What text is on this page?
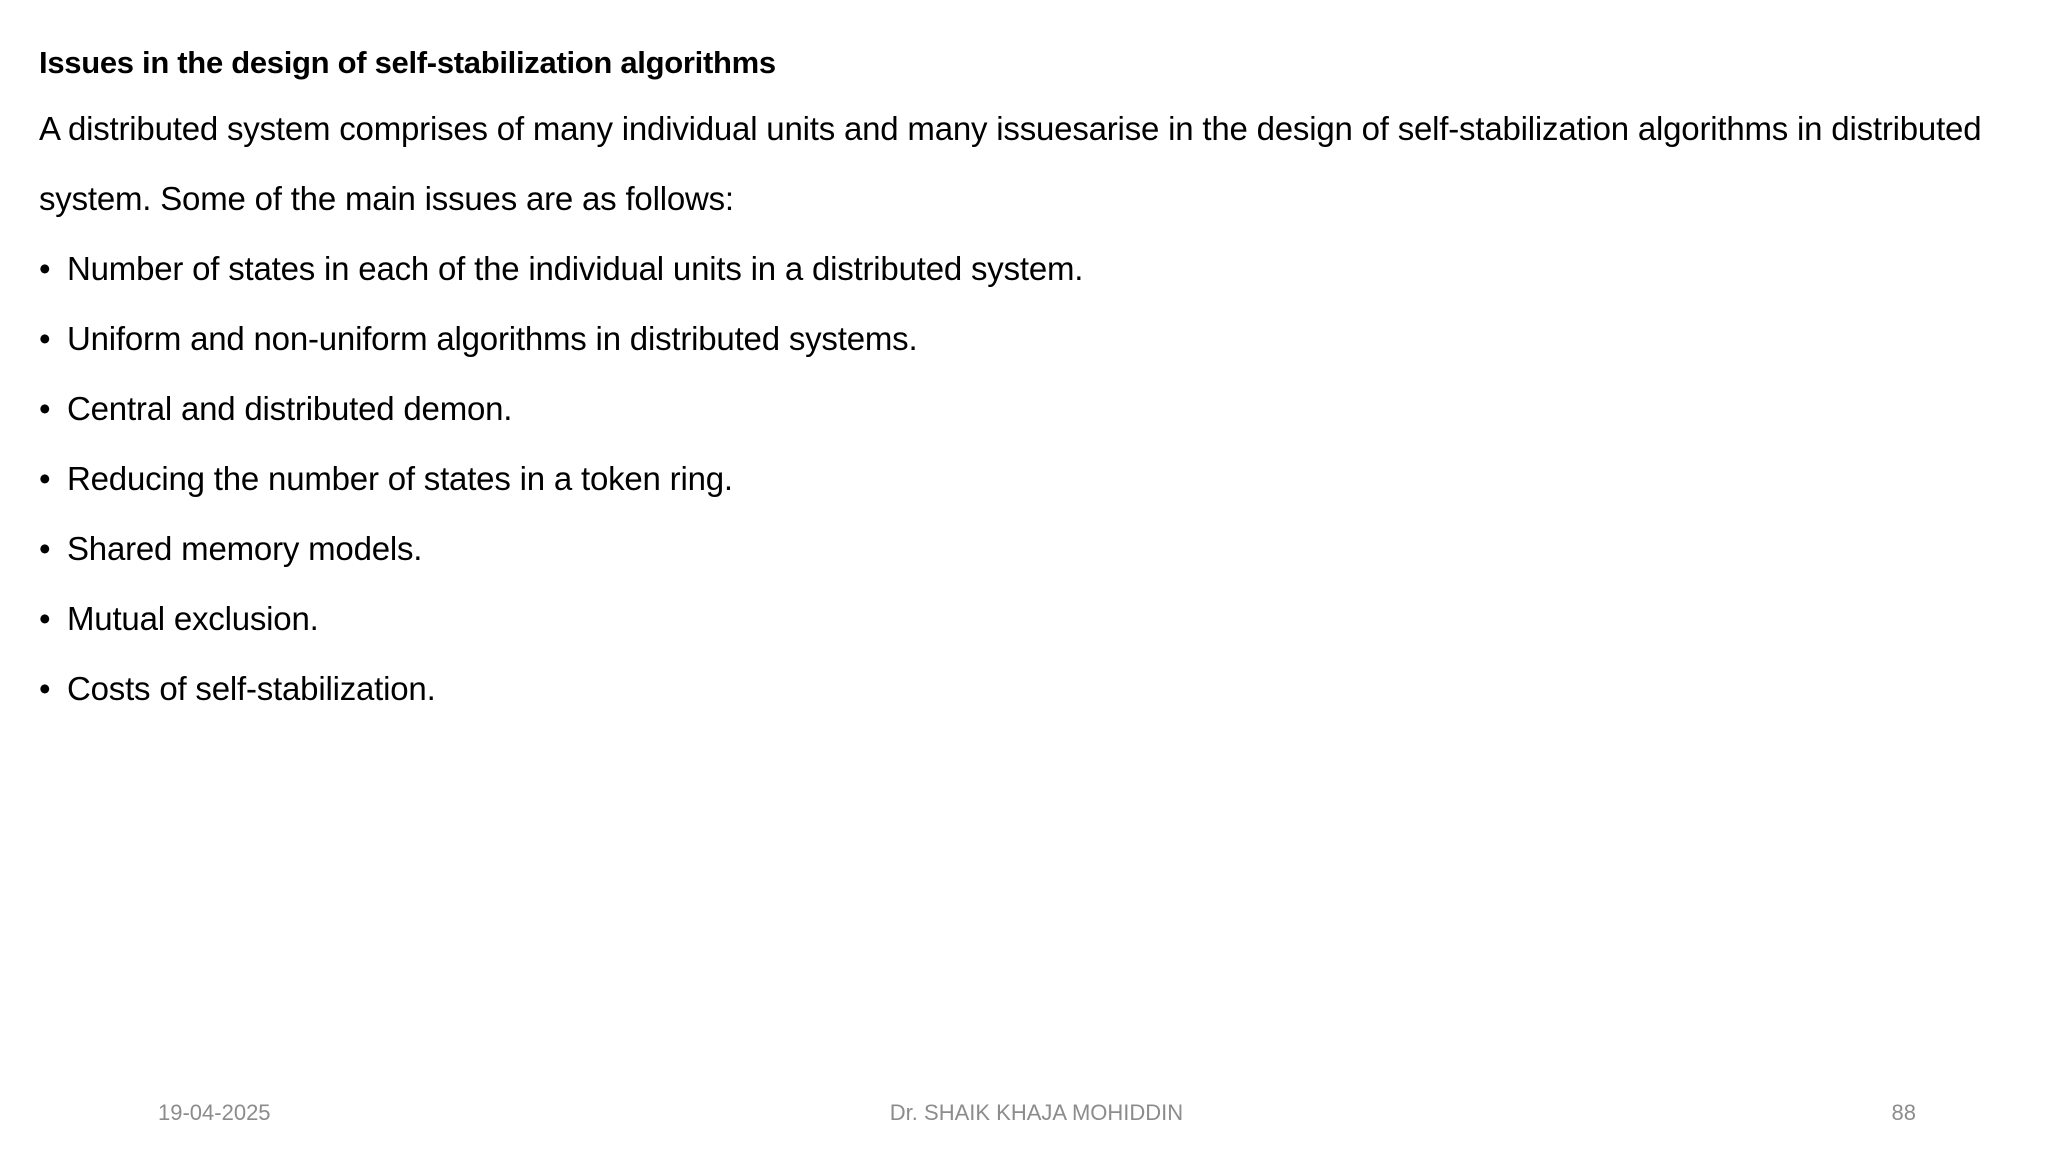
Issues in the design of self-stabilization algorithms

A distributed system comprises of many individual units and many issuesarise in the design of self-stabilization algorithms in distributed system. Some of the main issues are as follows:

• Number of states in each of the individual units in a distributed system.
• Uniform and non-uniform algorithms in distributed systems.
• Central and distributed demon.
• Reducing the number of states in a token ring.
• Shared memory models.
• Mutual exclusion.
• Costs of self-stabilization.
19-04-2025	Dr. SHAIK KHAJA MOHIDDIN	88
